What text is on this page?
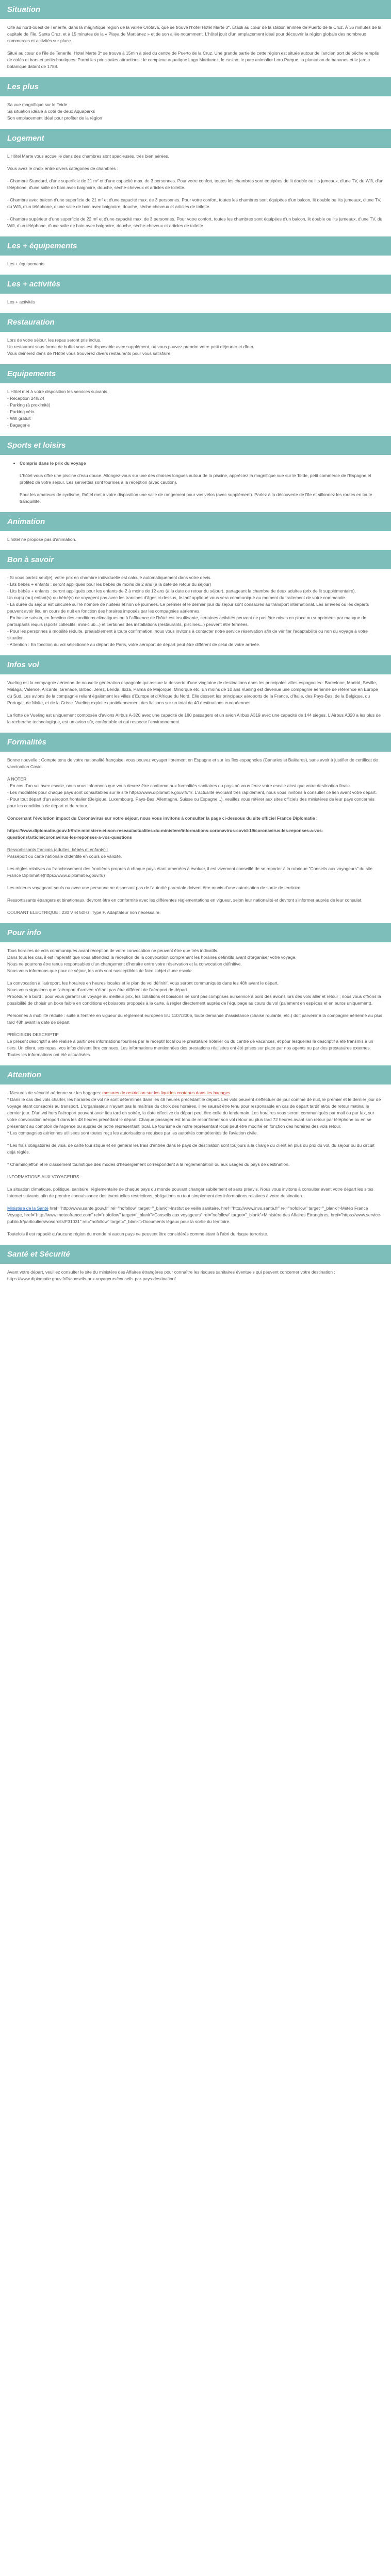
Situation

Cité au nord-ouest de Tenerife, dans la magnifique région de la vallée Orotava, que se trouve l'hôtel Hotel Marte 3*. Établi au cœur de la station animée de Puerto de la Cruz. À 35 minutes de la capitale de l'île, Santa Cruz, et à 15 minutes de la « Playa de Martiánez » et de son allée notamment. L'hôtel jouit d'un emplacement idéal pour découvrir la région globale des nombreux commerces et activités sur place.

Situé au cœur de l'île de Tenerife, Hotel Marte 3* se trouve à 15min à pied du centre de Puerto de la Cruz. Une grande partie de cette région est située autour de l'ancien port de pêche remplis de cafés et bars et petits boutiques. Parmi les principales attractions : le complexe aquatique Lago Martianez, le casino, le parc animalier Loro Parque, la plantation de bananes et le jardin botanique datant de 1788.

Les plus

Sa vue magnifique sur le Teide
Sa situation idéale à côté de deux Aquaparks
Son emplacement idéal pour profiter de la région

Logement

L'Hôtel Marte vous accueille dans des chambres sont spacieuses, très bien aérées.

Vous avez le choix entre divers catégories de chambres :

- Chambre Standard, d'une superficie de 21 m² et d'une capacité max. de 3 personnes. Pour votre confort, toutes les chambres sont équipées de lit double ou lits jumeaux, d'une TV, du Wifi, d'un téléphone, d'une salle de bain avec baignoire, douche, sèche-cheveux et articles de toilette.

- Chambre avec balcon d'une superficie de 21 m² et d'une capacité max. de 3 personnes. Pour votre confort, toutes les chambres sont équipées d'un balcon, lit double ou lits jumeaux, d'une TV, du Wifi, d'un téléphone, d'une salle de bain avec baignoire, douche, sèche-cheveux et articles de toilette.

- Chambre supérieur d'une superficie de 22 m² et d'une capacité max. de 3 personnes. Pour votre confort, toutes les chambres sont équipées d'un balcon, lit double ou lits jumeaux, d'une TV, du Wifi, d'un téléphone, d'une salle de bain avec baignoire, douche, sèche-cheveux et articles de toilette.

Les + équipements

Les + équipements

Les + activités

Les + activités

Restauration

Lors de votre séjour, les repas seront pris inclus.
Un restaurant sous forme de buffet vous est disposable avec supplément, où vous pouvez prendre votre petit déjeuner et dîner.
Vous déinerez dans de l'Hôtel vous trouverez divers restaurants pour vous satisfaire.

Equipements

L'Hôtel met à votre disposition les services suivants :
- Réception 24h/24
- Parking (à proximité)
- Parking vélo
- Wifi gratuit
- Bagagerie

Sports et loisirs
• Compris dans le prix du voyage

L'hôtel vous offre une piscine d'eau douce. Allongez-vous sur une des chaises longues autour de la piscine, appréciez la magnifique vue sur le Teide, petit commerce de l'Espagne et profitez de votre séjour. Les serviettes sont fournies à la réception (avec caution).

Pour les amateurs de cyclisme, l'hôtel met à votre disposition une salle de rangement pour vos vélos (avec supplément). Parlez à la découverte de l'île et sillonnez les routes en toute tranquillité.

Animation

L'hôtel ne propose pas d'animation.

Bon à savoir

- Si vous partez seul(e), votre prix en chambre individuelle est calculé automatiquement dans votre devis.
- Lits bébés + enfants : seront appliqués pour les bébés de moins de 2 ans (à la date de retour du séjour)
- Lits bébés + enfants : seront appliqués pour les enfants de 2 à moins de 12 ans (à la date de retour du séjour), partageant la chambre de deux adultes (prix de lit supplémentaire).
Un ou(s) (ou) enfant(s) ou bébé(s) ne voyagent pas avec les tranches d'âges ci-dessus, le tarif appliqué vous sera communiqué au moment du traitement de votre commande.
- La durée du séjour est calculée sur le nombre de nuitées et non de journées. Le premier et le dernier jour du séjour sont consacrés au transport international. Les arrivées ou les départs peuvent avoir lieu en cours de nuit en fonction des horaires imposés par les compagnies aériennes.
- En basse saison, en fonction des conditions climatiques ou à l'affluence de l'hôtel est insuffisante, certaines activités peuvent ne pas être mises en place ou supprimées par manque de participants requis (sports collectifs, mini-club...) et certaines des installations (restaurants, piscines...) peuvent être fermées.
- Pour les personnes à mobilité réduite, préalablement à toute confirmation, nous vous invitons à contacter notre service réservation afin de vérifier l'adaptabilité ou non du voyage à votre situation.
- Attention : En fonction du vol sélectionné au départ de Paris, votre aéroport de départ peut être différent de celui de votre arrivée.

Infos vol

Vueling est la compagnie aérienne de nouvelle génération espagnole qui assure la desserte d'une vingtaine de destinations dans les principales villes espagnoles : Barcelone, Madrid, Séville, Malaga, Valence, Alicante, Grenade, Bilbao, Jerez, Lérida, Ibiza, Palma de Majorque, Minorque etc. En moins de 10 ans Vueling est devenue une compagnie aérienne de référence en Europe du Sud. Les avions de la compagnie reliant également les villes d'Europe et d'Afrique du Nord. Elle dessert les principaux aéroports de la France, d'Italie, des Pays-Bas, de la Belgique, du Portugal, de Malte, et de la Grèce. Vueling exploite quotidiennement des liaisons sur un total de 40 destinations européennes.

La flotte de Vueling est uniquement composée d'avions Airbus A-320 avec une capacité de 180 passagers et un avion Airbus A319 avec une capacité de 144 sièges. L'Airbus A320 a les plus de la recherche technologique, est un avion sûr, confortable et qui respecte l'environnement.

Formalités

Bonne nouvelle : Compte tenu de votre nationalité française, vous pouvez voyager librement en Espagne et sur les îles espagnoles (Canaries et Baléares), sans avoir à justifier de certificat de vaccination Covid.

A NOTER
- En cas d'un vol avec escale, nous vous informons que vous devrez être conforme aux formalités sanitaires du pays où vous ferez votre escale ainsi que votre destination finale.
- Les modalités pour chaque pays sont consultables sur le site https://www.diplomatie.gouv.fr/fr/. L'actualité évoluant très rapidement, nous vous invitons à consulter ce lien avant votre départ.
- Pour tout départ d'un aéroport frontalier (Belgique, Luxembourg, Pays-Bas, Allemagne, Suisse ou Espagne...), veuillez vous référer aux sites officiels des ministères de leur pays concernés pour les conditions de départ et de retour.

Concernant l'évolution impact du Coronavirus sur votre séjour, nous vous invitons à consulter la page ci-dessous du site officiel France Diplomatie :

https://www.diplomatie.gouv.fr/fr/le-ministere-et-son-reseau/actualites-du-ministere/informations-coronavirus-covid-19/coronavirus-les-reponses-a-vos-questions/article/coronavirus-les-reponses-a-vos-questions

Ressortissants français (adultes, bébés et enfants) :
Passeport ou carte nationale d'identité en cours de validité.

Les règles relatives au franchissement des frontières propres à chaque pays étant amenées à évoluer, il est vivement conseillé de se reporter à la rubrique "Conseils aux voyageurs" du site France Diplomatie(https://www.diplomatie.gouv.fr/)

Les mineurs voyageant seuls ou avec une personne ne disposant pas de l'autorité parentale doivent être munis d'une autorisation de sortie de territoire.

Ressortissants étrangers et binationaux, devront être en conformité avec les différentes réglementations en vigueur, selon leur nationalité et devront s'informer auprès de leur consulat.

COURANT ELECTRIQUE : 230 V et 50Hz. Type F. Adaptateur non nécessaire.

Pour info

Tous horaires de vols communiqués avant réception de votre convocation ne peuvent être que très indicatifs.
Dans tous les cas, il est impératif que vous attendiez la réception de la convocation comprenant les horaires définitifs avant d'organiser votre voyage.
Nous ne pourrons être tenus responsables d'un changement d'horaire entre votre réservation et la convocation définitive.
Nous vous informons que pour ce séjour, les vols sont susceptibles de faire l'objet d'une escale.

La convocation à l'aéroport, les horaires en heures locales et le plan de vol définitif, vous seront communiqués dans les 48h avant le départ.
Nous vous signalons que l'aéroport d'arrivée n'étant pas être différent de l'aéroport de départ.
Procédure à bord : pour vous garantir un voyage au meilleur prix, les collations et boissons ne sont pas comprises au service à bord des avions lors des vols aller et retour ; nous vous offrons la possibilité de choisir un boxe faible en conditions et boissons proposés à la carte, à régler directement auprès de l'équipage au cours du vol (paiement en espèces et en euros uniquement).

Personnes à mobilité réduite : suite à l'entrée en vigueur du règlement européen EU 1107/2006, toute demande d'assistance (chaise roulante, etc.) doit parvenir à la compagnie aérienne au plus tard 48h avant la date de départ.

PRÉCISION DESCRIPTIF
Le présent descriptif a été réalisé à partir des informations fournies par le réceptif local ou le prestataire hôtelier ou du centre de vacances, et pour lesquelles le descriptif a été transmis à un tiers. Un client, ses repas, vos infos doivent être connues. Les informations mentionnées des prestations réalisées ont été prises sur place par nos agents ou par des prestataires externes. Toutes les informations ont été actualisées.

Attention

- Mesures de sécurité aérienne sur les bagages: mesures de restriction sur les liquides contenus dans les bagages
* Dans le cas des vols charter, les horaires de vol ne sont déterminés dans les 48 heures précédant le départ. Les vols peuvent s'effectuer de jour comme de nuit, le premier et le dernier jour de voyage étant consacrés au transport. L'organisateur n'ayant pas la maîtrise du choix des horaires, il ne saurait être tenu pour responsable en cas de départ tardif et/ou de retour matinal le dernier jour. D'un vol hors l'aéroport peuvent avoir lieu tard en soirée, la date effective du départ peut être celle du lendemain. Les horaires vous seront communiqués par mail ou par fax, sur votre convocation aéroport dans les 48 heures précédant le départ. Chaque passager est tenu de reconfirmer son vol retour au plus tard 72 heures avant son retour par téléphone ou en se présentant au comptoir de l'agence ou auprès de notre représentant local. Le tourisme de notre représentant local peut être modifié en fonction des horaires des vols retour.
* Les compagnies aériennes utilisées sont toutes reçu les autorisations requises par les autorités compétentes de l'aviation civile.

* Les frais obligatoires de visa, de carte touristique et en général les frais d'entrée dans le pays de destination sont toujours à la charge du client en plus du prix du vol, du séjour ou du circuit déjà réglés.

* Chaminojeffon et le classement touristique des modes d'hébergement correspondent à la réglementation ou aux usages du pays de destination.

INFORMATIONS AUX VOYAGEURS :

La situation climatique, politique, sanitaire, réglementaire de chaque pays du monde pouvant changer subitement et sans préavis. Nous vous invitons à consulter avant votre départ les sites Internet suivants afin de prendre connaissance des éventuelles restrictions, obligations ou tout simplement des informations relatives à votre destination.

Ministère de la Santé href="http://www.sante.gouv.fr" rel="nofollow" target="_blank">Institut de veille sanitaire, href="http://www.invs.sante.fr" rel="nofollow" target="_blank">Météo France Voyage, href="http://www.meteofrance.com" rel="nofollow" target="_blank">Conseils aux voyageurs" rel="nofollow" target="_blank">Ministère des Affaires Etrangères, href="https://www.service-public.fr/particuliers/vosdroits/F31031" rel="nofollow" target="_blank">Documents légaux pour la sortie du territoire.

Toutefois il est rappelé qu'aucune région du monde ni aucun pays ne peuvent être considérés comme étant à l'abri du risque terroriste.

Santé et Sécurité

Avant votre départ, veuillez consulter le site du ministère des Affaires étrangères pour connaître les risques sanitaires éventuels qui peuvent concerner votre destination : https://www.diplomatie.gouv.fr/fr/conseils-aux-voyageurs/conseils-par-pays-destination/
